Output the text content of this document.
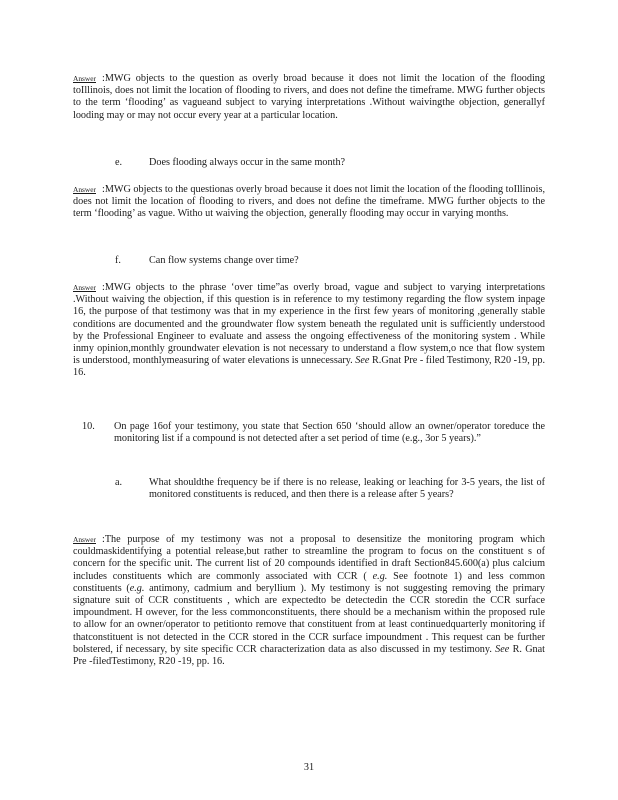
Answer :MWG objects to the question as overly broad because it does not limit the location of the flooding toIllinois, does not limit the location of flooding to rivers, and does not define the timeframe. MWG further objects to the term ‘flooding’ as vagueand subject to varying interpretations .Without waivingthe objection, generallyf looding may or may not occur every year at a particular location.

e.	Does flooding always occur in the same month?

Answer :MWG objects to the questionas overly broad because it does not limit the location of the flooding toIllinois, does not limit the location of flooding to rivers, and does not define the timeframe. MWG further objects to the term ‘flooding’ as vague. Witho ut waiving the objection, generally flooding may occur in varying months.

f.	Can flow systems change over time?

Answer :MWG objects to the phrase ‘over time”as overly broad, vague and subject to varying interpretations .Without waiving the objection, if this question is in reference to my testimony regarding the flow system inpage 16, the purpose of that testimony was that in my experience in the first few years of monitoring ,generally stable conditions are documented and the groundwater flow system beneath the regulated unit is sufficiently understood by the Professional Engineer to evaluate and assess the ongoing effectiveness of the monitoring system . While inmy opinion,monthly groundwater elevation is not necessary to understand a flow system,o nce that flow system is understood, monthlymeasuring of water elevations is unnecessary. See R.Gnat Pre - filed Testimony, R20 -19, pp. 16.

10. On page 16of your testimony, you state that Section 650 ‘should allow an owner/operator toreduce the monitoring list if a compound is not detected after a set period of time (e.g., 3or 5 years).”
a.	What shouldthe frequency be if there is no release, leaking or leaching for 3-5 years, the list of monitored constituents is reduced, and then there is a release after 5 years?

Answer :The purpose of my testimony was not a proposal to desensitize the monitoring program which couldmaskidentifying a potential release,but rather to streamline the program to focus on the constituent s of concern for the specific unit. The current list of 20 compounds identified in draft Section845.600(a) plus calcium includes constituents which are commonly associated with CCR ( e.g. See footnote 1) and less common constituents (e.g. antimony, cadmium and beryllium ). My testimony is not suggesting removing the primary signature suit of CCR constituents , which are expectedto be detectedin the CCR storedin the CCR surface impoundment. H owever, for the less commonconstituents, there should be a mechanism within the proposed rule to allow for an owner/operator to petitionto remove that constituent from at least continuedquarterly monitoring if thatconstituent is not detected in the CCR stored in the CCR surface impoundment . This request can be further bolstered, if necessary, by site specific CCR characterization data as also discussed in my testimony. See R. Gnat Pre -filedTestimony, R20 -19, pp. 16.

31
